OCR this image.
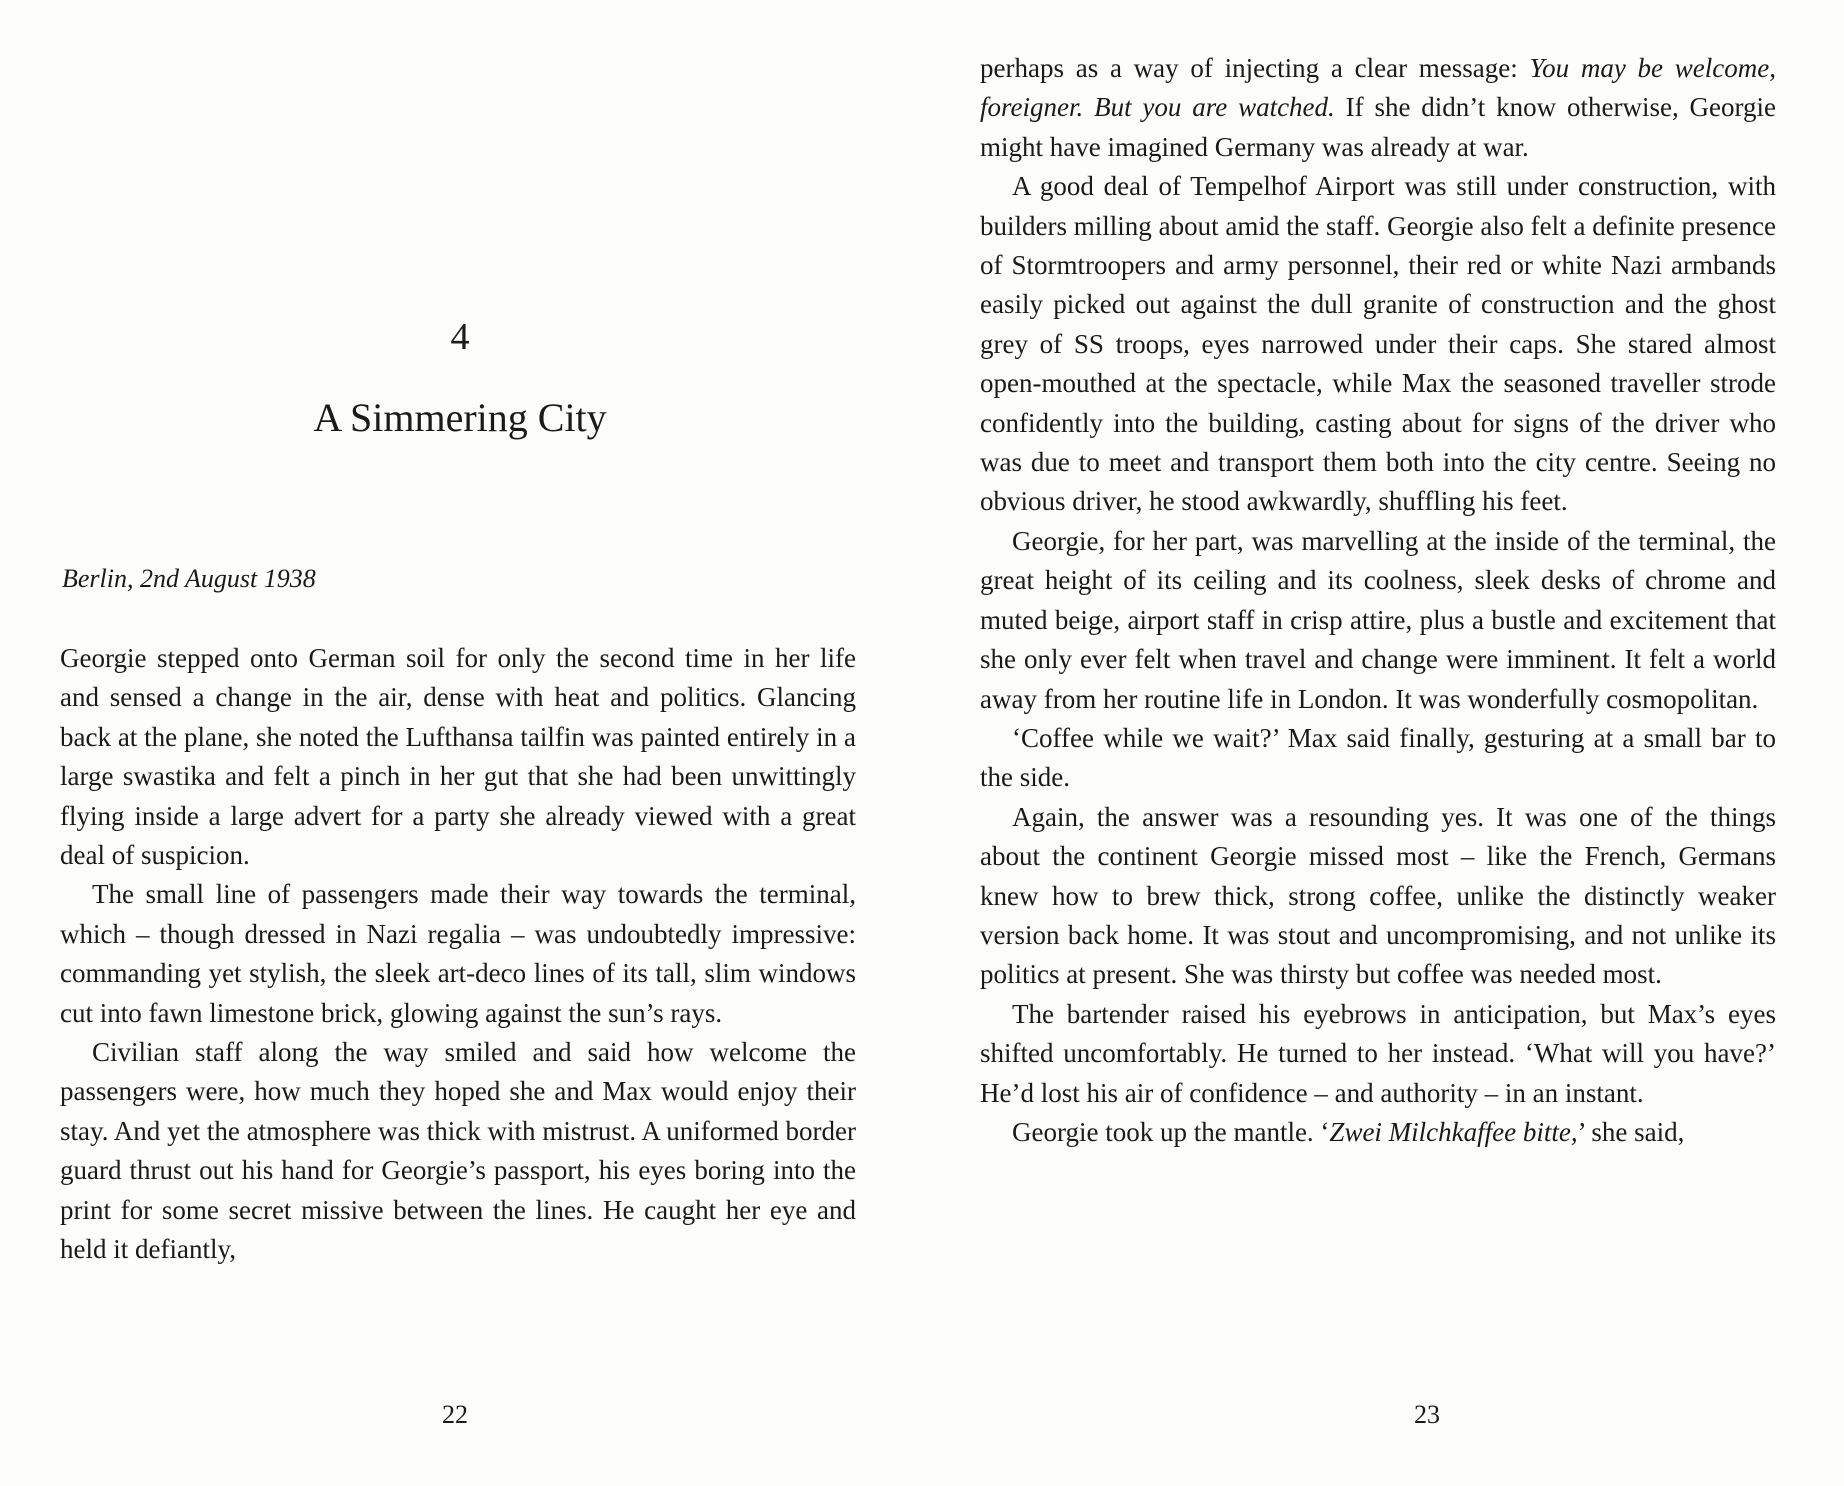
4
A Simmering City
Berlin, 2nd August 1938

Georgie stepped onto German soil for only the second time in her life and sensed a change in the air, dense with heat and politics. Glancing back at the plane, she noted the Lufthansa tailfin was painted entirely in a large swastika and felt a pinch in her gut that she had been unwittingly flying inside a large advert for a party she already viewed with a great deal of suspicion.

The small line of passengers made their way towards the terminal, which – though dressed in Nazi regalia – was undoubtedly impressive: commanding yet stylish, the sleek art-deco lines of its tall, slim windows cut into fawn limestone brick, glowing against the sun’s rays.

Civilian staff along the way smiled and said how welcome the passengers were, how much they hoped she and Max would enjoy their stay. And yet the atmosphere was thick with mistrust. A uniformed border guard thrust out his hand for Georgie’s passport, his eyes boring into the print for some secret missive between the lines. He caught her eye and held it defiantly,

22

perhaps as a way of injecting a clear message: You may be welcome, foreigner. But you are watched. If she didn’t know otherwise, Georgie might have imagined Germany was already at war.

A good deal of Tempelhof Airport was still under construction, with builders milling about amid the staff. Georgie also felt a definite presence of Stormtroopers and army personnel, their red or white Nazi armbands easily picked out against the dull granite of construction and the ghost grey of SS troops, eyes narrowed under their caps. She stared almost open-mouthed at the spectacle, while Max the seasoned traveller strode confidently into the building, casting about for signs of the driver who was due to meet and transport them both into the city centre. Seeing no obvious driver, he stood awkwardly, shuffling his feet.

Georgie, for her part, was marvelling at the inside of the terminal, the great height of its ceiling and its coolness, sleek desks of chrome and muted beige, airport staff in crisp attire, plus a bustle and excitement that she only ever felt when travel and change were imminent. It felt a world away from her routine life in London. It was wonderfully cosmopolitan.

‘Coffee while we wait?’ Max said finally, gesturing at a small bar to the side.

Again, the answer was a resounding yes. It was one of the things about the continent Georgie missed most – like the French, Germans knew how to brew thick, strong coffee, unlike the distinctly weaker version back home. It was stout and uncompromising, and not unlike its politics at present. She was thirsty but coffee was needed most.

The bartender raised his eyebrows in anticipation, but Max’s eyes shifted uncomfortably. He turned to her instead. ‘What will you have?’ He’d lost his air of confidence – and authority – in an instant.

Georgie took up the mantle. ‘Zwei Milchkaffee bitte,’ she said,

23
